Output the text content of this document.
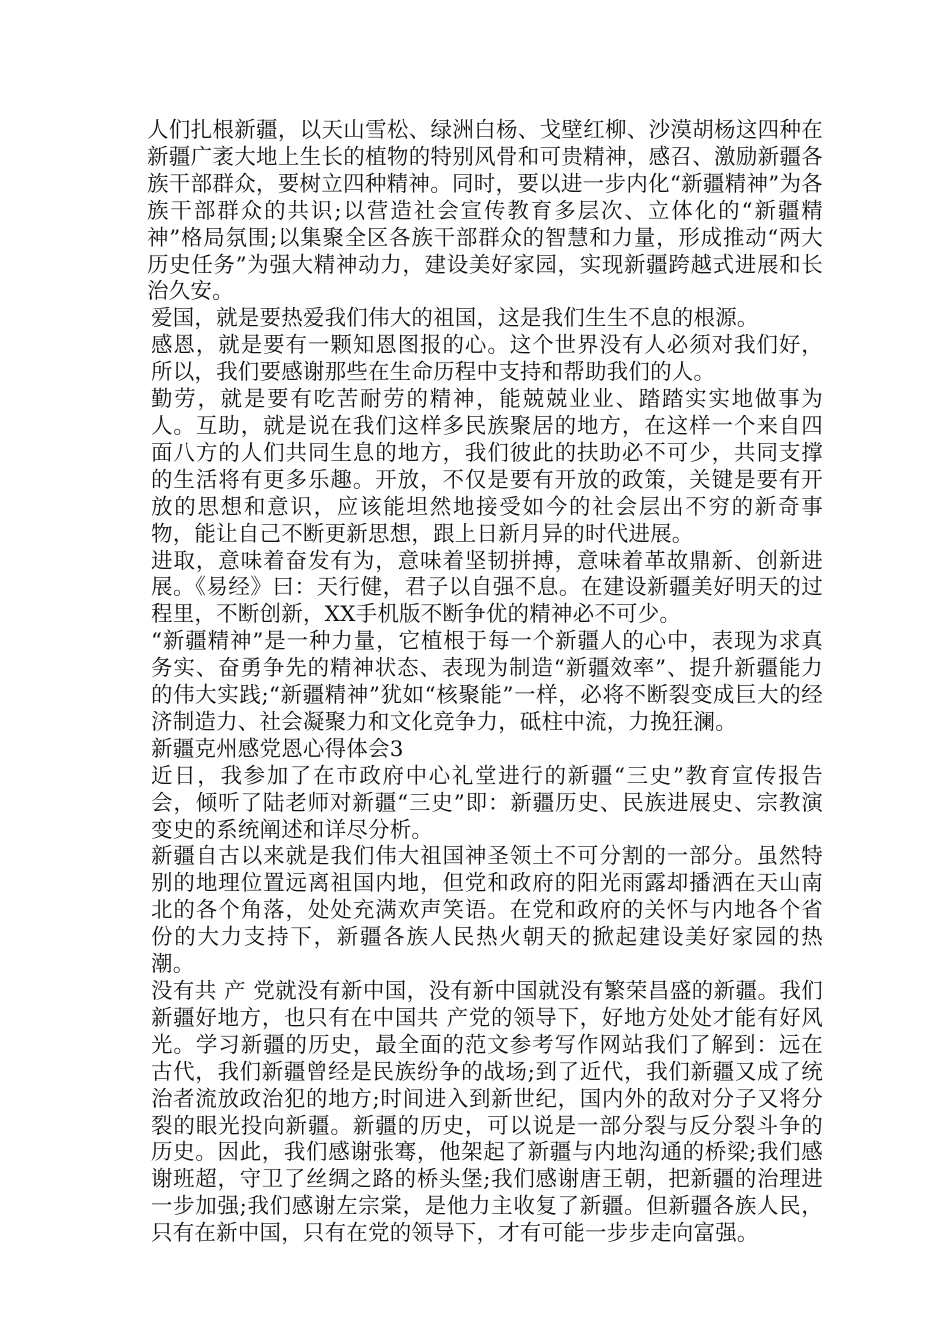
人们扎根新疆，以天山雪松、绿洲白杨、戈壁红柳、沙漠胡杨这四种在新疆广袤大地上生长的植物的特别风骨和可贵精神，感召、激励新疆各族干部群众，要树立四种精神。同时，要以进一步内化“新疆精神”为各族干部群众的共识;以营造社会宣传教育多层次、立体化的“新疆精神”格局氛围;以集聚全区各族干部群众的智慧和力量，形成推动“两大历史任务”为强大精神动力，建设美好家园，实现新疆跨越式进展和长治久安。

爱国，就是要热爱我们伟大的祖国，这是我们生生不息的根源。

感恩，就是要有一颗知恩图报的心。这个世界没有人必须对我们好，所以，我们要感谢那些在生命历程中支持和帮助我们的人。

勤劳，就是要有吃苦耐劳的精神，能兢兢业业、踏踏实实地做事为人。互助，就是说在我们这样多民族聚居的地方，在这样一个来自四面八方的人们共同生息的地方，我们彼此的扶助必不可少，共同支撑的生活将有更多乐趣。开放，不仅是要有开放的政策，关键是要有开放的思想和意识，应该能坦然地接受如今的社会层出不穷的新奇事物，能让自己不断更新思想，跟上日新月异的时代进展。

进取，意味着奋发有为，意味着坚韧拼搏，意味着革故鼎新、创新进展。《易经》曰：天行健，君子以自强不息。在建设新疆美好明天的过程里，不断创新，XX手机版不断争优的精神必不可少。

“新疆精神”是一种力量，它植根于每一个新疆人的心中，表现为求真务实、奋勇争先的精神状态、表现为制造“新疆效率”、提升新疆能力的伟大实践;“新疆精神”犹如“核聚能”一样，必将不断裂变成巨大的经济制造力、社会凝聚力和文化竞争力，砥柱中流，力挽狂澜。

新疆克州感党恩心得体会3

近日，我参加了在市政府中心礼堂进行的新疆“三史”教育宣传报告会，倾听了陆老师对新疆“三史”即：新疆历史、民族进展史、宗教演变史的系统阐述和详尽分析。

新疆自古以来就是我们伟大祖国神圣领土不可分割的一部分。虽然特别的地理位置远离祖国内地，但党和政府的阳光雨露却播洒在天山南北的各个角落，处处充满欢声笑语。在党和政府的关怀与内地各个省份的大力支持下，新疆各族人民热火朝天的掀起建设美好家园的热潮。

没有共 产 党就没有新中国，没有新中国就没有繁荣昌盛的新疆。我们新疆好地方，也只有在中国共 产党的领导下，好地方处处才能有好风光。学习新疆的历史，最全面的范文参考写作网站我们了解到：远在古代，我们新疆曾经是民族纷争的战场;到了近代，我们新疆又成了统治者流放政治犯的地方;时间进入到新世纪，国内外的敌对分子又将分裂的眼光投向新疆。新疆的历史，可以说是一部分裂与反分裂斗争的历史。因此，我们感谢张骞，他架起了新疆与内地沟通的桥梁;我们感谢班超，守卫了丝绸之路的桥头堡;我们感谢唐王朝，把新疆的治理进一步加强;我们感谢左宗棠，是他力主收复了新疆。但新疆各族人民，只有在新中国，只有在党的领导下，才有可能一步步走向富强。
